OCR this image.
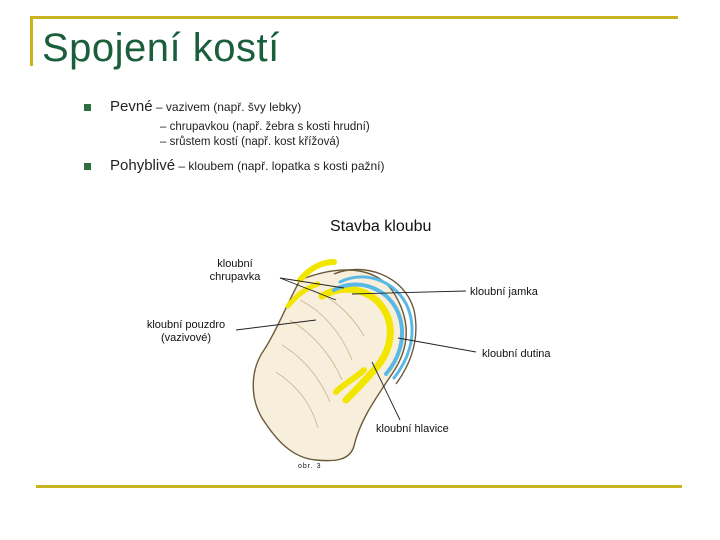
Spojení kostí
Pevné – vazivem (např. švy lebky)
– chrupavkou (např. žebra s kosti hrudní)
– srůstem kostí (např. kost křížová)
Pohyblivé – kloubem (např. lopatka s kosti pažní)
Stavba kloubu
kloubní
chrupavka
kloubní jamka
kloubní pouzdro
(vazivové)
kloubní dutina
kloubní hlavice
obr. 3
